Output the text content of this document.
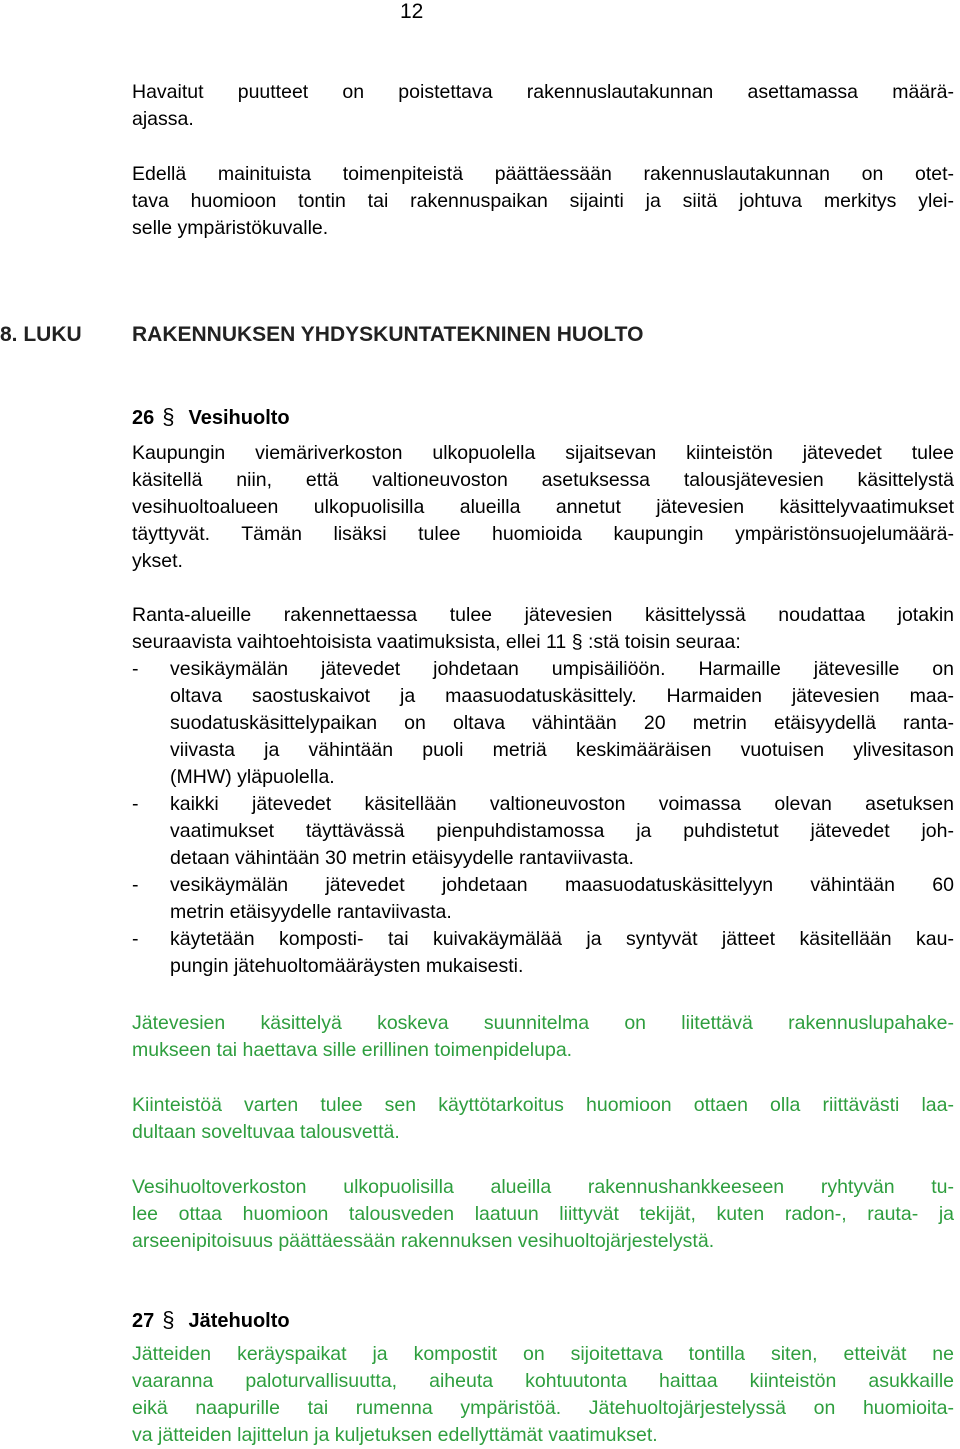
12
Havaitut puutteet on poistettava rakennuslautakunnan asettamassa määrä-
ajassa.
Edellä mainituista toimenpiteistä päättäessään rakennuslautakunnan on otet-
tava huomioon tontin tai rakennuspaikan sijainti ja siitä johtuva merkitys ylei-
selle ympäristökuvalle.
8. LUKU RAKENNUKSEN YHDYSKUNTATEKNINEN HUOLTO
26 § Vesihuolto
Kaupungin viemäriverkoston ulkopuolella sijaitsevan kiinteistön jätevedet tulee
käsitellä niin, että valtioneuvoston asetuksessa talousjätevesien käsittelystä
vesihuoltoalueen ulkopuolisilla alueilla annetut jätevesien käsittelyvaatimukset
täyttyvät. Tämän lisäksi tulee huomioida kaupungin ympäristönsuojelumäärä-
ykset.
Ranta-alueille rakennettaessa tulee jätevesien käsittelyssä noudattaa jotakin
seuraavista vaihtoehtoisista vaatimuksista, ellei 11 § :stä toisin seuraa:
- vesikäymälän jätevedet johdetaan umpisäiliöön. Harmaille jätevesille on
oltava saostuskaivot ja maasuodatuskäsittely. Harmaiden jätevesien maa-
suodatuskäsittelypaikan on oltava vähintään 20 metrin etäisyydellä ranta-
viivasta ja vähintään puoli metriä keskimääräisen vuotuisen ylivesitason
(MHW) yläpuolella.
- kaikki jätevedet käsitellään valtioneuvoston voimassa olevan asetuksen
vaatimukset täyttävässä pienpuhdistamossa ja puhdistetut jätevedet joh-
detaan vähintään 30 metrin etäisyydelle rantaviivasta.
- vesikäymälän jätevedet johdetaan maasuodatuskäsittelyyn vähintään 60
metrin etäisyydelle rantaviivasta.
- käytetään komposti- tai kuivakäymälää ja syntyvät jätteet käsitellään kau-
pungin jätehuoltomääräysten mukaisesti.
Jätevesien käsittelyä koskeva suunnitelma on liitettävä rakennuslupahake-
mukseen tai haettava sille erillinen toimenpidelupa.
Kiinteistöä varten tulee sen käyttötarkoitus huomioon ottaen olla riittävästi laa-
dultaan soveltuvaa talousvettä.
Vesihuoltoverkoston ulkopuolisilla alueilla rakennushankkeeseen ryhtyvän tu-
lee ottaa huomioon talousveden laatuun liittyvät tekijät, kuten radon-, rauta- ja
arseenipitoisuus päättäessään rakennuksen vesihuoltojärjestelystä.
27 § Jätehuolto
Jätteiden keräyspaikat ja kompostit on sijoitettava tontilla siten, etteivät ne
vaaranna paloturvallisuutta, aiheuta kohtuutonta haittaa kiinteistön asukkaille
eikä naapurille tai rumenna ympäristöä. Jätehuoltojärjestelyssä on huomioita-
va jätteiden lajittelun ja kuljetuksen edellyttämät vaatimukset.
